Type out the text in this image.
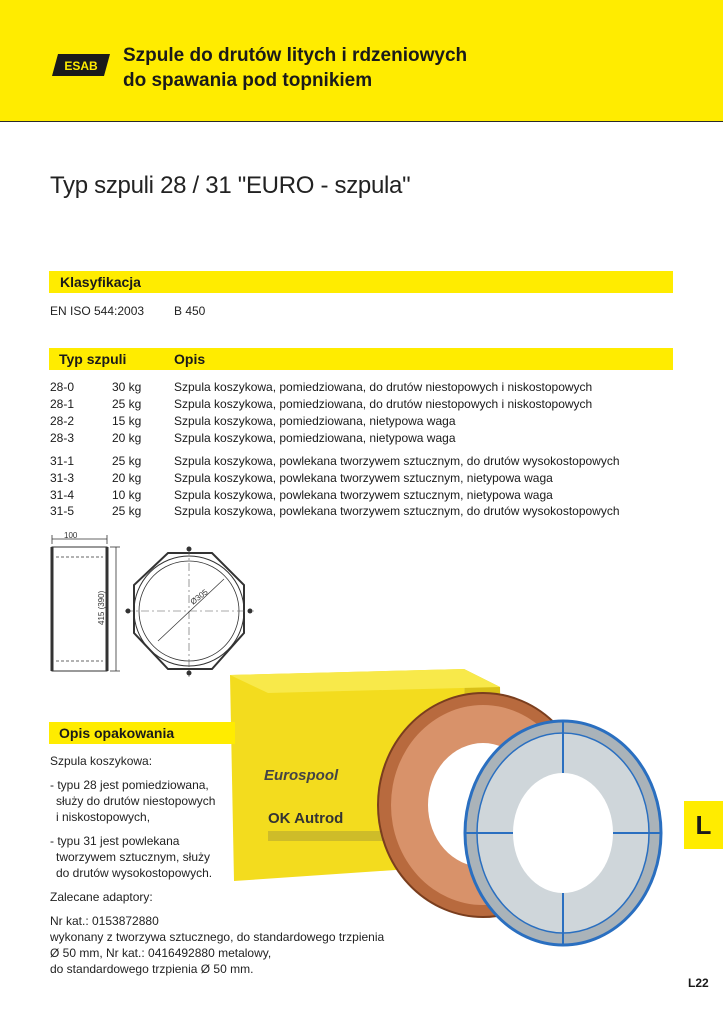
ESAB Szpule do drutów litych i rdzeniowych
do spawania pod topnikiem
Typ szpuli 28 / 31 "EURO - szpula"
Klasyfikacja
EN ISO 544:2003 B 450
Typ szpuli	Opis
28-0	30 kg	Szpula koszykowa, pomiedziowana, do drutów niestopowych i niskostopowych
28-1	25 kg	Szpula koszykowa, pomiedziowana, do drutów niestopowych i niskostopowych
28-2	15 kg	Szpula koszykowa, pomiedziowana, nietypowa waga
28-3	20 kg	Szpula koszykowa, pomiedziowana, nietypowa waga
31-1	25 kg	Szpula koszykowa, powlekana tworzywem sztucznym, do drutów wysokostopowych
31-3	20 kg	Szpula koszykowa, powlekana tworzywem sztucznym, nietypowa waga
31-4	10 kg	Szpula koszykowa, powlekana tworzywem sztucznym, nietypowa waga
31-5	25 kg	Szpula koszykowa, powlekana tworzywem sztucznym, do drutów wysokostopowych
100
415 (390)	Ø305
Eurospool
OK Autrod
Opis opakowania
Szpula koszykowa:
- typu 28 jest pomiedziowana,
służy do drutów niestopowych
i niskostopowych,
- typu 31 jest powlekana
tworzywem sztucznym, służy
do drutów wysokostopowych.
Zalecane adaptory:
Nr kat.: 0153872880
wykonany z tworzywa sztucznego, do standardowego trzpienia
Ø 50 mm, Nr kat.: 0416492880 metalowy,
do standardowego trzpienia Ø 50 mm.
L
L22
